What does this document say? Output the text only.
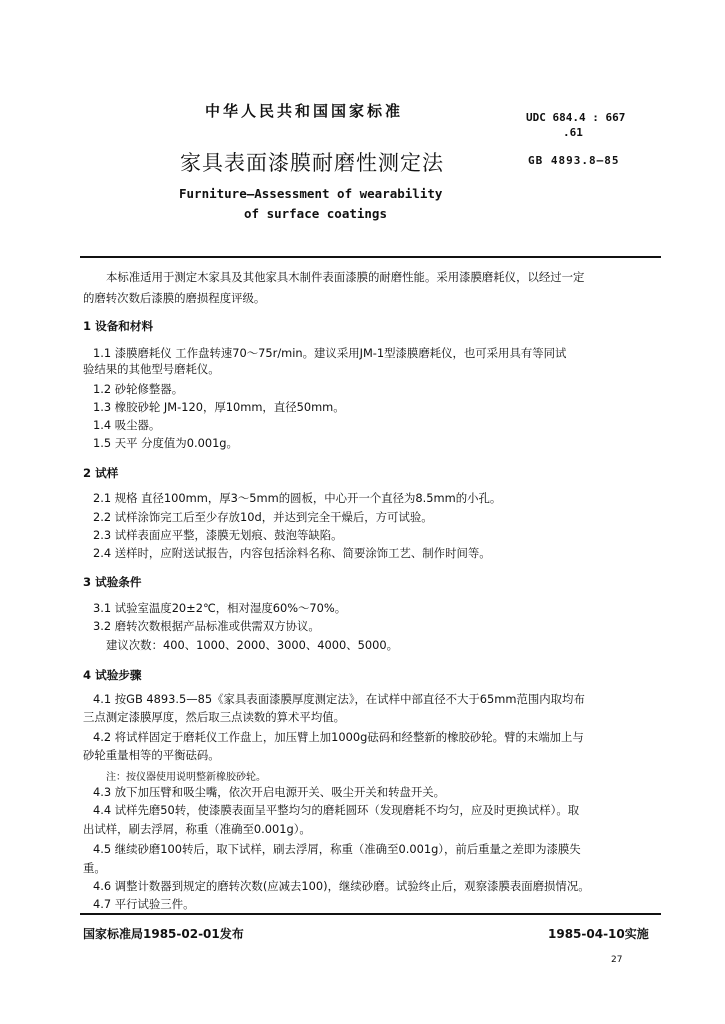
中华人民共和国国家标准	UDC 684.4 : 667
.61
家具表面漆膜耐磨性测定法	GB 4893.8—85
Furniture—Assessment of wearability
of surface coatings
本标准适用于测定木家具及其他家具木制件表面漆膜的耐磨性能。采用漆膜磨耗仪，以经过一定
的磨转次数后漆膜的磨损程度评级。
1 设备和材料
1.1 漆膜磨耗仪 工作盘转速70～75r/min。建议采用JM-1型漆膜磨耗仪，也可采用具有等同试
验结果的其他型号磨耗仪。
1.2 砂轮修整器。
1.3 橡胶砂轮 JM-120，厚10mm，直径50mm。
1.4 吸尘器。
1.5 天平 分度值为0.001g。
2 试样
2.1 规格 直径100mm，厚3～5mm的圆板，中心开一个直径为8.5mm的小孔。
2.2 试样涂饰完工后至少存放10d，并达到完全干燥后，方可试验。
2.3 试样表面应平整，漆膜无划痕、鼓泡等缺陷。
2.4 送样时，应附送试报告，内容包括涂料名称、简要涂饰工艺、制作时间等。
3 试验条件
3.1 试验室温度20±2℃，相对湿度60%～70%。
3.2 磨转次数根据产品标准或供需双方协议。
建议次数：400、1000、2000、3000、4000、5000。
4 试验步骤
4.1 按GB 4893.5—85《家具表面漆膜厚度测定法》，在试样中部直径不大于65mm范围内取均布
三点测定漆膜厚度，然后取三点读数的算术平均值。
4.2 将试样固定于磨耗仪工作盘上，加压臂上加1000g砝码和经整新的橡胶砂轮。臂的末端加上与
砂轮重量相等的平衡砝码。
注：按仪器使用说明整新橡胶砂轮。
4.3 放下加压臂和吸尘嘴，依次开启电源开关、吸尘开关和转盘开关。
4.4 试样先磨50转，使漆膜表面呈平整均匀的磨耗圆环（发现磨耗不均匀，应及时更换试样）。取
出试样，刷去浮屑，称重（准确至0.001g）。
4.5 继续砂磨100转后，取下试样，刷去浮屑，称重（准确至0.001g），前后重量之差即为漆膜失
重。
4.6 调整计数器到规定的磨转次数(应减去100)，继续砂磨。试验终止后，观察漆膜表面磨损情况。
4.7 平行试验三件。
国家标准局1985-02-01发布	1985-04-10实施
27
